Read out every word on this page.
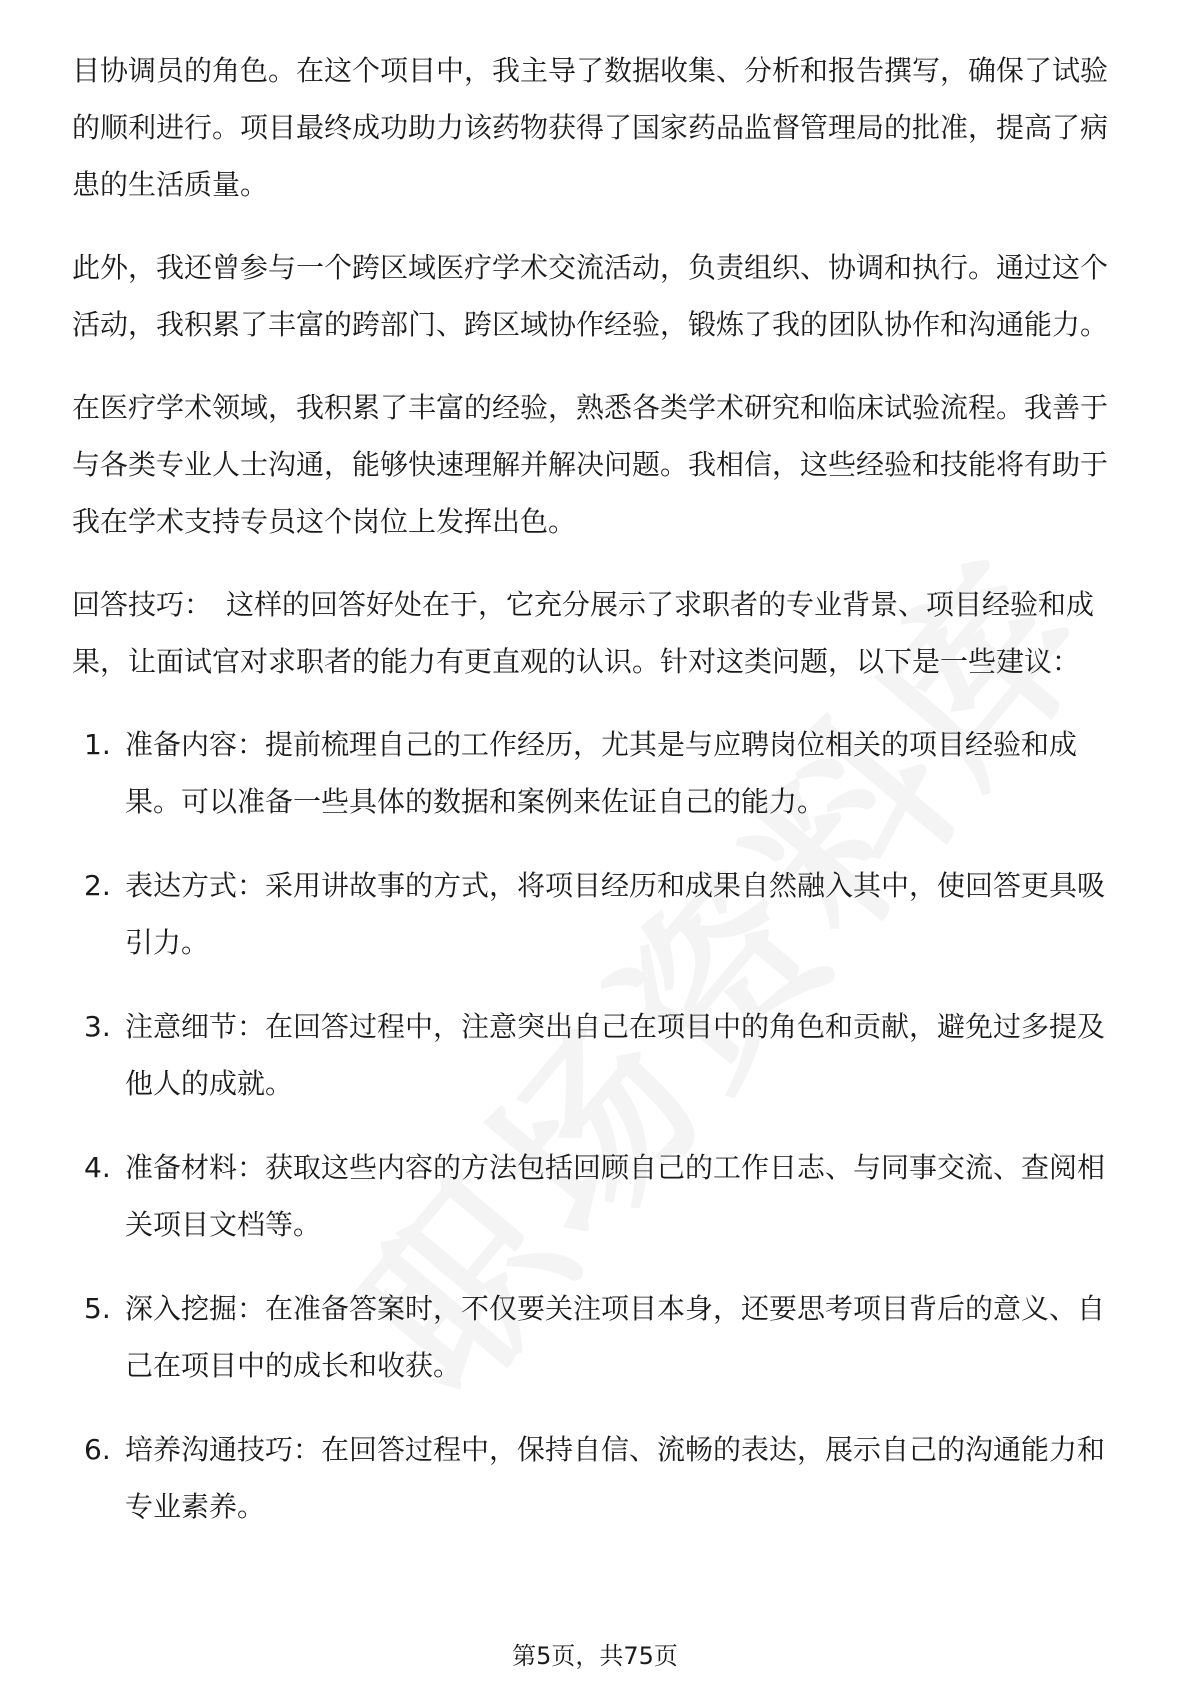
目协调员的角色。在这个项目中，我主导了数据收集、分析和报告撰写，确保了试验的顺利进行。项目最终成功助力该药物获得了国家药品监督管理局的批准，提高了病患的生活质量。

此外，我还曾参与一个跨区域医疗学术交流活动，负责组织、协调和执行。通过这个活动，我积累了丰富的跨部门、跨区域协作经验，锻炼了我的团队协作和沟通能力。

在医疗学术领域，我积累了丰富的经验，熟悉各类学术研究和临床试验流程。我善于与各类专业人士沟通，能够快速理解并解决问题。我相信，这些经验和技能将有助于我在学术支持专员这个岗位上发挥出色。

回答技巧： 这样的回答好处在于，它充分展示了求职者的专业背景、项目经验和成果，让面试官对求职者的能力有更直观的认识。针对这类问题，以下是一些建议：

1. 准备内容：提前梳理自己的工作经历，尤其是与应聘岗位相关的项目经验和成果。可以准备一些具体的数据和案例来佐证自己的能力。
2. 表达方式：采用讲故事的方式，将项目经历和成果自然融入其中，使回答更具吸引力。
3. 注意细节：在回答过程中，注意突出自己在项目中的角色和贡献，避免过多提及他人的成就。
4. 准备材料：获取这些内容的方法包括回顾自己的工作日志、与同事交流、查阅相关项目文档等。
5. 深入挖掘：在准备答案时，不仅要关注项目本身，还要思考项目背后的意义、自己在项目中的成长和收获。
6. 培养沟通技巧：在回答过程中，保持自信、流畅的表达，展示自己的沟通能力和专业素养。
第5页，共75页
